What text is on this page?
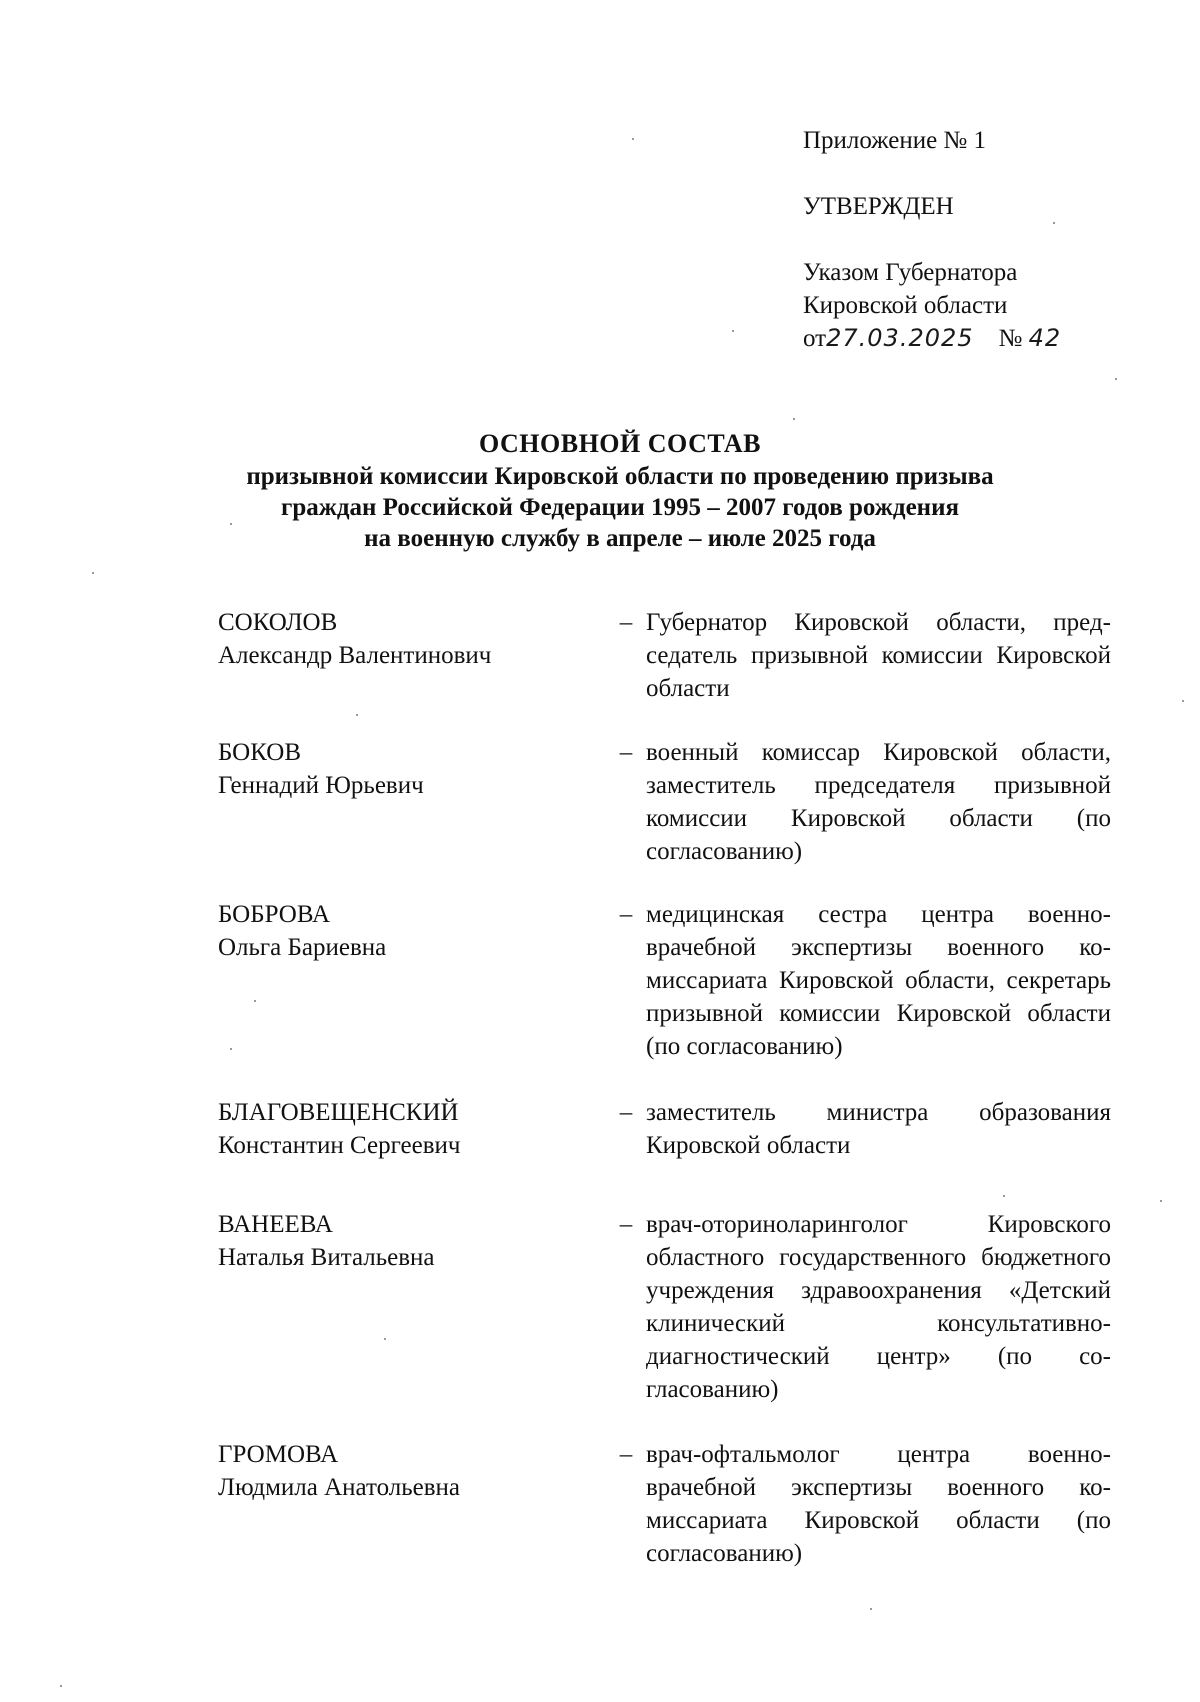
Приложение № 1
УТВЕРЖДЕН
Указом Губернатора
Кировской области
от27.03.2025 № 42
ОСНОВНОЙ СОСТАВ
призывной комиссии Кировской области по проведению призыва
граждан Российской Федерации 1995 – 2007 годов рождения
на военную службу в апреле – июле 2025 года
СОКОЛОВ
Александр Валентинович
– Губернатор Кировской области, председатель призывной комиссии Кировской области
БОКОВ
Геннадий Юрьевич
– военный комиссар Кировской области, заместитель председателя призывной комиссии Кировской области (по согласованию)
БОБРОВА
Ольга Бариевна
– медицинская сестра центра военно-врачебной экспертизы военного комиссариата Кировской области, секретарь призывной комиссии Кировской области (по согласованию)
БЛАГОВЕЩЕНСКИЙ
Константин Сергеевич
– заместитель министра образования Кировской области
ВАНЕЕВА
Наталья Витальевна
– врач-оториноларинголог Кировского областного государственного бюджетного учреждения здравоохранения «Детский клинический консультативно-диагностический центр» (по согласованию)
ГРОМОВА
Людмила Анатольевна
– врач-офтальмолог центра военно-врачебной экспертизы военного комиссариата Кировской области (по согласованию)
